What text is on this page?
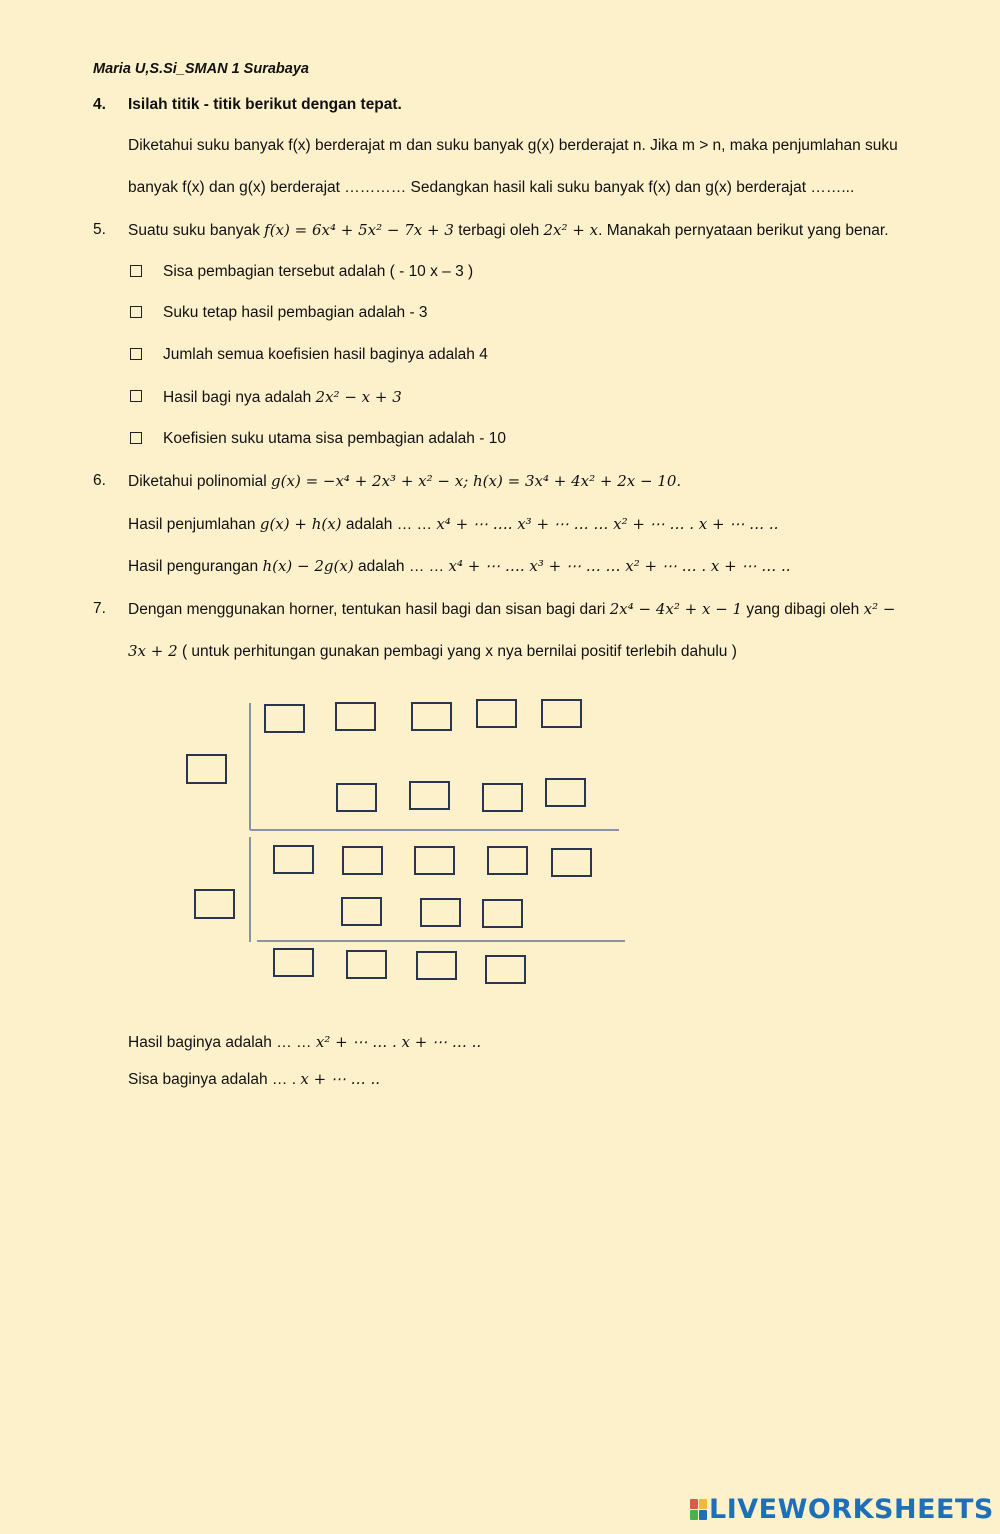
Maria U,S.Si_SMAN 1 Surabaya
4. Isilah titik - titik berikut dengan tepat.
Diketahui suku banyak f(x) berderajat m dan suku banyak g(x) berderajat n. Jika m > n, maka penjumlahan suku
banyak f(x) dan g(x) berderajat ………… Sedangkan hasil kali suku banyak f(x) dan g(x) berderajat ……...
5. Suatu suku banyak f(x) = 6x⁴ + 5x² − 7x + 3 terbagi oleh 2x² + x. Manakah pernyataan berikut yang benar.
Sisa pembagian tersebut adalah ( - 10 x – 3 )
Suku tetap hasil pembagian adalah - 3
Jumlah semua koefisien hasil baginya adalah 4
Hasil bagi nya adalah 2x² − x + 3
Koefisien suku utama sisa pembagian adalah - 10
6. Diketahui polinomial g(x) = −x⁴ + 2x³ + x² − x; h(x) = 3x⁴ + 4x² + 2x − 10.
Hasil penjumlahan g(x) + h(x) adalah … … x⁴ + ⋯ …. x³ + ⋯ … … x² + ⋯ … . x + ⋯ … ..
Hasil pengurangan h(x) − 2g(x) adalah … … x⁴ + ⋯ …. x³ + ⋯ … … x² + ⋯ … . x + ⋯ … ..
7. Dengan menggunakan horner, tentukan hasil bagi dan sisan bagi dari 2x⁴ − 4x² + x − 1 yang dibagi oleh x² −
3x + 2 ( untuk perhitungan gunakan pembagi yang x nya bernilai positif terlebih dahulu )
Hasil baginya adalah … … x² + ⋯ … . x + ⋯ … ..
Sisa baginya adalah … . x + ⋯ … ..
LIVEWORKSHEETS
